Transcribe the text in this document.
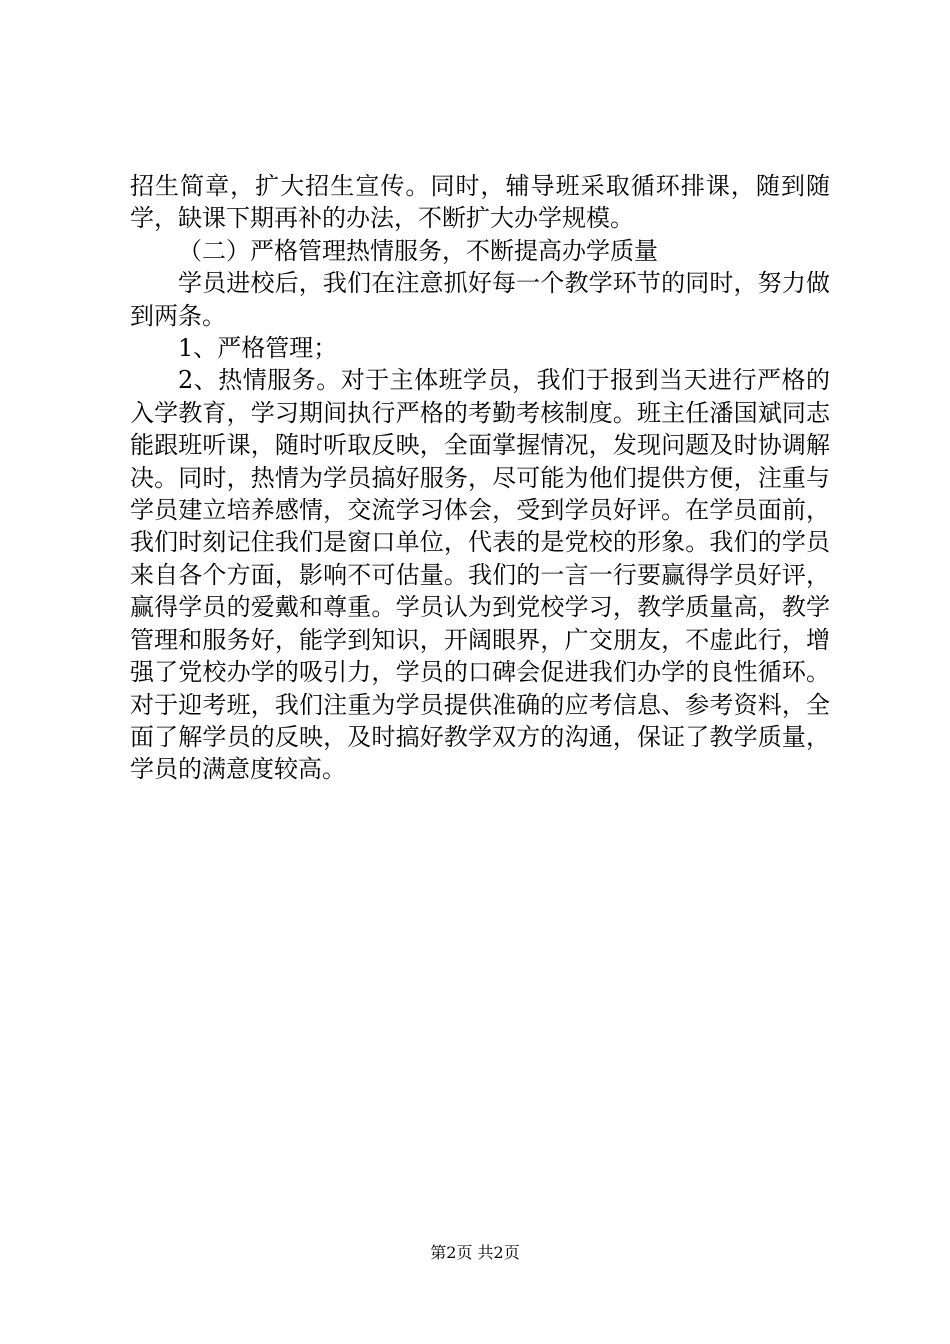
招生简章，扩大招生宣传。同时，辅导班采取循环排课，随到随学，缺课下期再补的办法，不断扩大办学规模。

（二）严格管理热情服务，不断提高办学质量

学员进校后，我们在注意抓好每一个教学环节的同时，努力做到两条。

1、严格管理；

2、热情服务。对于主体班学员，我们于报到当天进行严格的入学教育，学习期间执行严格的考勤考核制度。班主任潘国斌同志能跟班听课，随时听取反映，全面掌握情况，发现问题及时协调解决。同时，热情为学员搞好服务，尽可能为他们提供方便，注重与学员建立培养感情，交流学习体会，受到学员好评。在学员面前，我们时刻记住我们是窗口单位，代表的是党校的形象。我们的学员来自各个方面，影响不可估量。我们的一言一行要赢得学员好评，赢得学员的爱戴和尊重。学员认为到党校学习，教学质量高，教学管理和服务好，能学到知识，开阔眼界，广交朋友，不虚此行，增强了党校办学的吸引力，学员的口碑会促进我们办学的良性循环。对于迎考班，我们注重为学员提供准确的应考信息、参考资料，全面了解学员的反映，及时搞好教学双方的沟通，保证了教学质量，学员的满意度较高。

第2页 共2页
